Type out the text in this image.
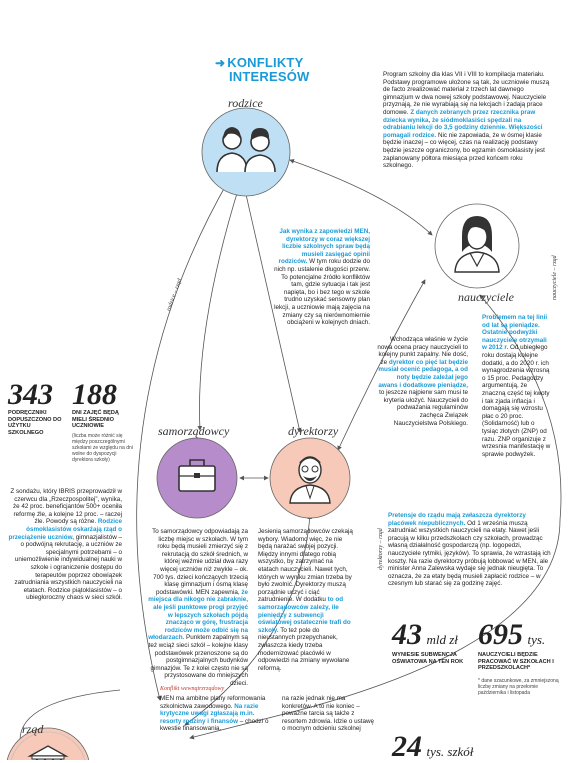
➜ KONFLIKTY
INTERESÓW
rodzice
nauczyciele
samorządowcy	dyrektorzy
rząd
rodzice – rząd	nauczyciele – rząd
dyrektorzy – rząd
Program szkolny dla klas VII i VIII to kompilacja materiału. Podstawy programowe ułożone są tak, że uczniowie muszą de facto zrealizować materiał z trzech lat dawnego gimnazjum w dwa nowej szkoły podstawowej. Nauczyciele przyznają, że nie wyrabiają się na lekcjach i zadają prace domowe. Z danych zebranych przez rzecznika praw dziecka wynika, że siódmoklasiści spędzali na odrabianiu lekcji do 3,5 godziny dziennie. Większości pomagali rodzice. Nic nie zapowiada, że w ósmej klasie będzie inaczej – co więcej, czas na realizację podstawy będzie jeszcze ograniczony, bo egzamin ósmoklasisty jest zaplanowany półtora miesiąca przed końcem roku szkolnego.
Jak wynika z zapowiedzi MEN, dyrektorzy w coraz większej liczbie szkolnych spraw będą musieli zasięgać opinii rodziców. W tym roku dodzie do nich np. ustalenie długości przerw. To potencjalne źródło konfliktów tam, gdzie sytuacja i tak jest napięta, bo i bez tego w szkole trudno uzyskać sensowny plan lekcji, a uczniowie mają zajęcia na zmiany czy są nierównomiernie obciążeni w kolejnych dniach.
Problemem na tej linii od lat są pieniądze. Ostatnie podwyżki nauczyciele otrzymali w 2012 r. Od ubiegłego roku dostają kolejne dodatki, a do 2020 r. ich wynagrodzenia wzrosną o 15 proc. Pedagodzy argumentują, że znaczną część tej kwoty i tak zjada inflacja i domagają się wzrostu płac o 20 proc. (Solidarność) lub o tysiąc złotych (ZNP) od razu. ZNP organizuje z wrzesnia manifestację w sprawie podwyżek.
Wchodząca właśnie w życie nowa ocena pracy nauczycieli to kolejny punkt zapalny. Nie dość, że dyrektor co pięć lat będzie musiał ocenić pedagoga, a od noty będzie zależał jego awans i dodatkowe pieniądze, to jeszcze najpierw sam musi te kryteria ułożyć. Nauczycieli do podważania regulaminów zachęca Związek Nauczycielstwa Polskiego.
343
PODRĘCZNIKI DOPUSZCZONO DO UŻYTKU SZKOLNEGO
188
DNI ZAJĘĆ BĘDĄ MIELI ŚREDNIO UCZNIOWIE
(liczba może różnić się między poszczególnymi szkołami ze względu na dni wolne do dyspozycji dyrektora szkoły)
Z sondażu, który IBRIS przeprowadził w czerwcu dla „Rzeczpospolitej”, wynika, że 42 proc. beneficjantów 500+ oceniła reformę źle, a kolejne 12 proc. – raczej źle. Powody są różne. Rodzice ósmoklasistów oskarżają rząd o przeciążenie uczniów, gimnazjalistów – o podwójną rekrutację, a uczniów ze specjalnymi potrzebami – o uniemożliwienie indywidualnej nauki w szkole i ograniczenie dostępu do terapeutów poprzez obowiązek zatrudniania wszystkich nauczycieli na etatach. Rodzice piątoklasistów – o ubiegłoroczny chaos w sieci szkół.
To samorządowcy odpowiadają za liczbę miejsc w szkołach. W tym roku będą musieli zmierzyć się z rekrutacją do szkół średnich, w której weźmie udział dwa razy więcej uczniów niż zwykle – ok. 700 tys. dzieci kończących trzecią klasę gimnazjum i ósmą klasę podstawówki. MEN zapewnia, że miejsca dla nikogo nie zabraknie, ale jeśli punktowe progi przyjęć w lepszych szkołach pójdą znacząco w górę, frustracja rodziców może odbić się na włodarzach. Punktem zapalnym są też wciąż sieci szkół – kolejne klasy podstawówek przenoszone są do postgimnazjalnych budynków gimnazjów. Te z kolei często nie są przystosowane do mniejszych dzieci.
Jesienią samorządowców czekają wybory. Wiadomo więc, że nie będą narażać swojej pozycji. Między innymi dlatego robią wszystko, by zatrzymać na etatach nauczycieli. Nawet tych, których w wyniku zmian trzeba by było zwolnić. Dyrektorzy muszą porządnie uczyć i ciąć zatrudnienie. W dodatku to od samorządowców zależy, ile pieniędzy z subwencji oświatowej ostatecznie trafi do szkoły. To też pole do nieustannych przepychanek, zwłaszcza kiedy trzeba modernizować placówki w odpowiedzi na zmiany wywołane reformą.
Pretensje do rządu mają zwłaszcza dyrektorzy placówek niepublicznych. Od 1 września muszą zatrudniać wszystkich nauczycieli na etaty. Nawet jeśli pracują w kilku przedszkolach czy szkołach, prowadząc własną działalność gospodarczą (np. logopedzi, nauczyciele rytmiki, języków). To sprawia, że wzrastają ich koszty. Na razie dyrektorzy próbują lobbować w MEN, ale minister Anna Zalewska wydaje się jednak nieugięta. To oznacza, że za etaty będą musieli zapłacić rodzice – w czesnym lub starać się za godzinę zajęć.
43 mld zł
WYNIESIE SUBWENCJA OŚWIATOWA NA TEN ROK
695 tys.
NAUCZYCIELI BĘDZIE PRACOWAĆ W SZKOŁACH I PRZEDSZKOLACH*
* dane szacunkowe, za zmniejszoną liczbę zmiany na przełomie października i listopada
Konflikt wewnątrzrządowy
MEN ma ambitne plany reformowania szkolnictwa zawodowego. Na razie krytyczne uwagi zgłaszają m.in. resorty rodziny i finansów – chodzi o kwestie finansowania.
na razie jednak nie ma konkretów. A to nie koniec – poważne tarcia są także z resortem zdrowia. Idzie o ustawę o mocnym odcieniu szkolnej
24 tys. szkół
